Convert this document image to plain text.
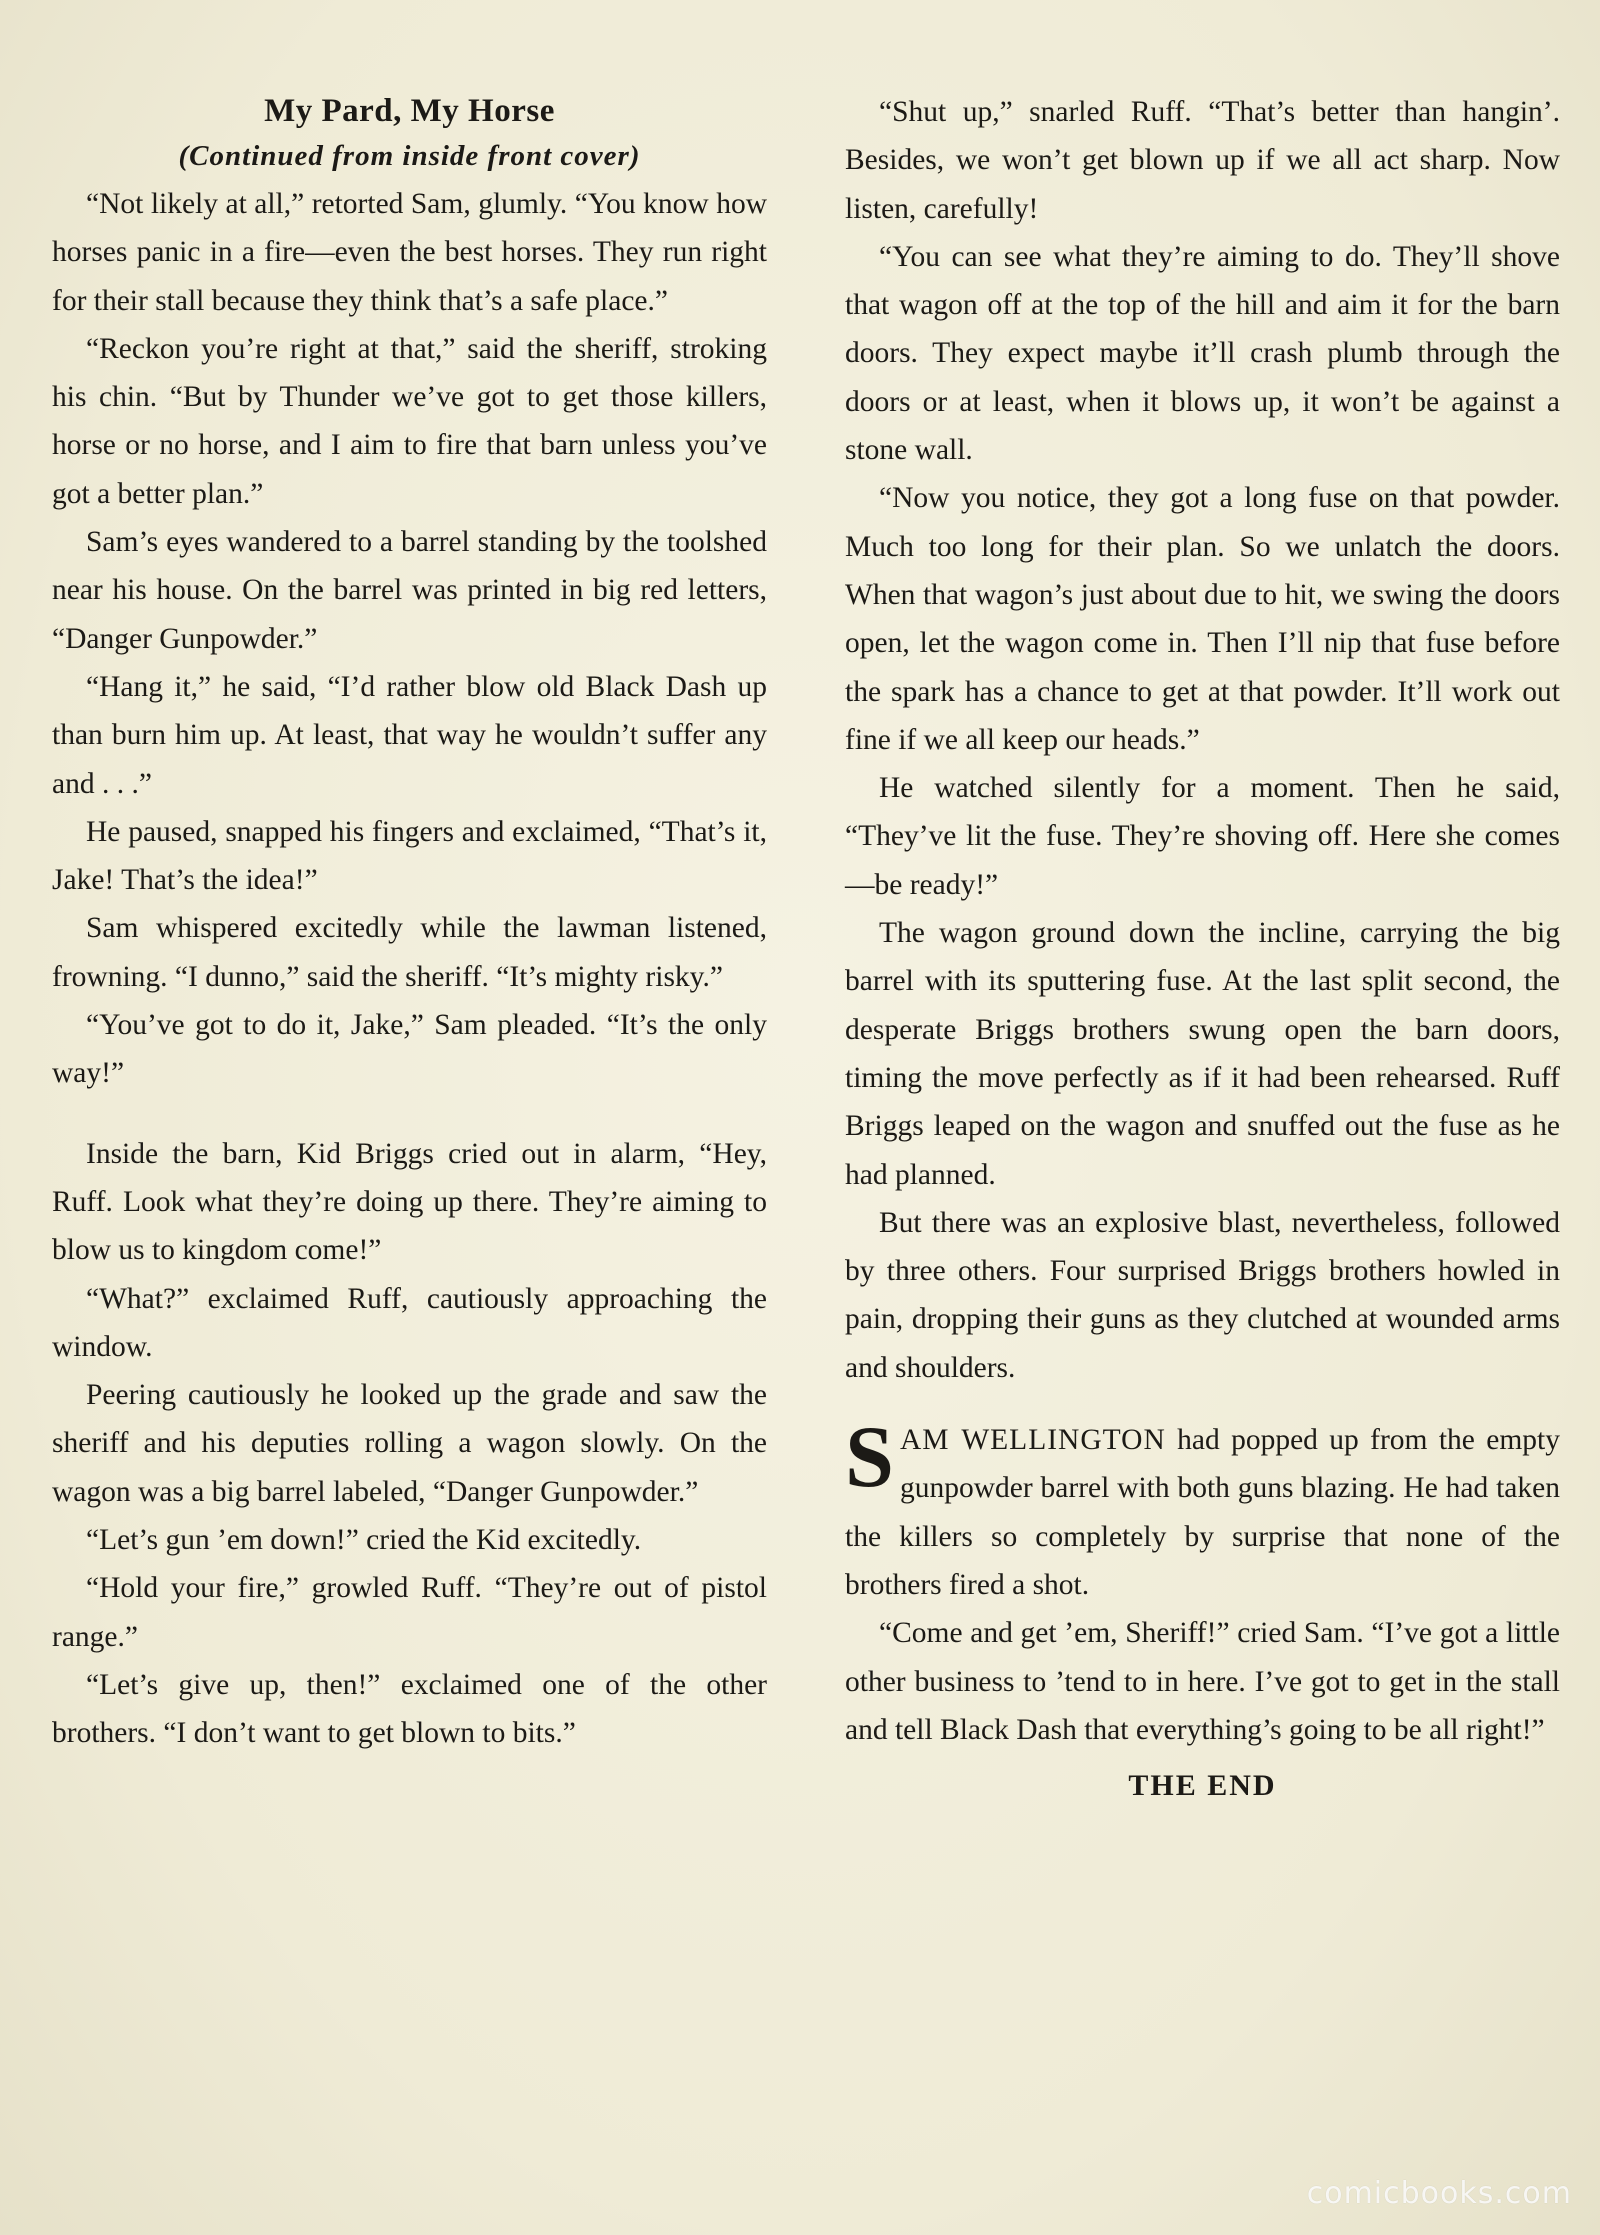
My Pard, My Horse
(Continued from inside front cover)

“Not likely at all,” retorted Sam, glumly. “You know how horses panic in a fire—even the best horses. They run right for their stall because they think that’s a safe place.”

“Reckon you’re right at that,” said the sheriff, stroking his chin. “But by Thunder we’ve got to get those killers, horse or no horse, and I aim to fire that barn unless you’ve got a better plan.”

Sam’s eyes wandered to a barrel standing by the toolshed near his house. On the barrel was printed in big red letters, “Danger Gunpowder.”

“Hang it,” he said, “I’d rather blow old Black Dash up than burn him up. At least, that way he wouldn’t suffer any and . . .”

He paused, snapped his fingers and exclaimed, “That’s it, Jake! That’s the idea!”

Sam whispered excitedly while the lawman listened, frowning. “I dunno,” said the sheriff. “It’s mighty risky.”

“You’ve got to do it, Jake,” Sam pleaded. “It’s the only way!”

Inside the barn, Kid Briggs cried out in alarm, “Hey, Ruff. Look what they’re doing up there. They’re aiming to blow us to kingdom come!”

“What?” exclaimed Ruff, cautiously approaching the window.

Peering cautiously he looked up the grade and saw the sheriff and his deputies rolling a wagon slowly. On the wagon was a big barrel labeled, “Danger Gunpowder.”

“Let’s gun ’em down!” cried the Kid excitedly.

“Hold your fire,” growled Ruff. “They’re out of pistol range.”

“Let’s give up, then!” exclaimed one of the other brothers. “I don’t want to get blown to bits.”

“Shut up,” snarled Ruff. “That’s better than hangin’. Besides, we won’t get blown up if we all act sharp. Now listen, carefully!

“You can see what they’re aiming to do. They’ll shove that wagon off at the top of the hill and aim it for the barn doors. They expect maybe it’ll crash plumb through the doors or at least, when it blows up, it won’t be against a stone wall.

“Now you notice, they got a long fuse on that powder. Much too long for their plan. So we unlatch the doors. When that wagon’s just about due to hit, we swing the doors open, let the wagon come in. Then I’ll nip that fuse before the spark has a chance to get at that powder. It’ll work out fine if we all keep our heads.”

He watched silently for a moment. Then he said, “They’ve lit the fuse. They’re shoving off. Here she comes—be ready!”

The wagon ground down the incline, carrying the big barrel with its sputtering fuse. At the last split second, the desperate Briggs brothers swung open the barn doors, timing the move perfectly as if it had been rehearsed. Ruff Briggs leaped on the wagon and snuffed out the fuse as he had planned.

But there was an explosive blast, nevertheless, followed by three others. Four surprised Briggs brothers howled in pain, dropping their guns as they clutched at wounded arms and shoulders.

SAM WELLINGTON had popped up from the empty gunpowder barrel with both guns blazing. He had taken the killers so completely by surprise that none of the brothers fired a shot.

“Come and get ’em, Sheriff!” cried Sam. “I’ve got a little other business to ’tend to in here. I’ve got to get in the stall and tell Black Dash that everything’s going to be all right!”

THE END
comicbooks.com
